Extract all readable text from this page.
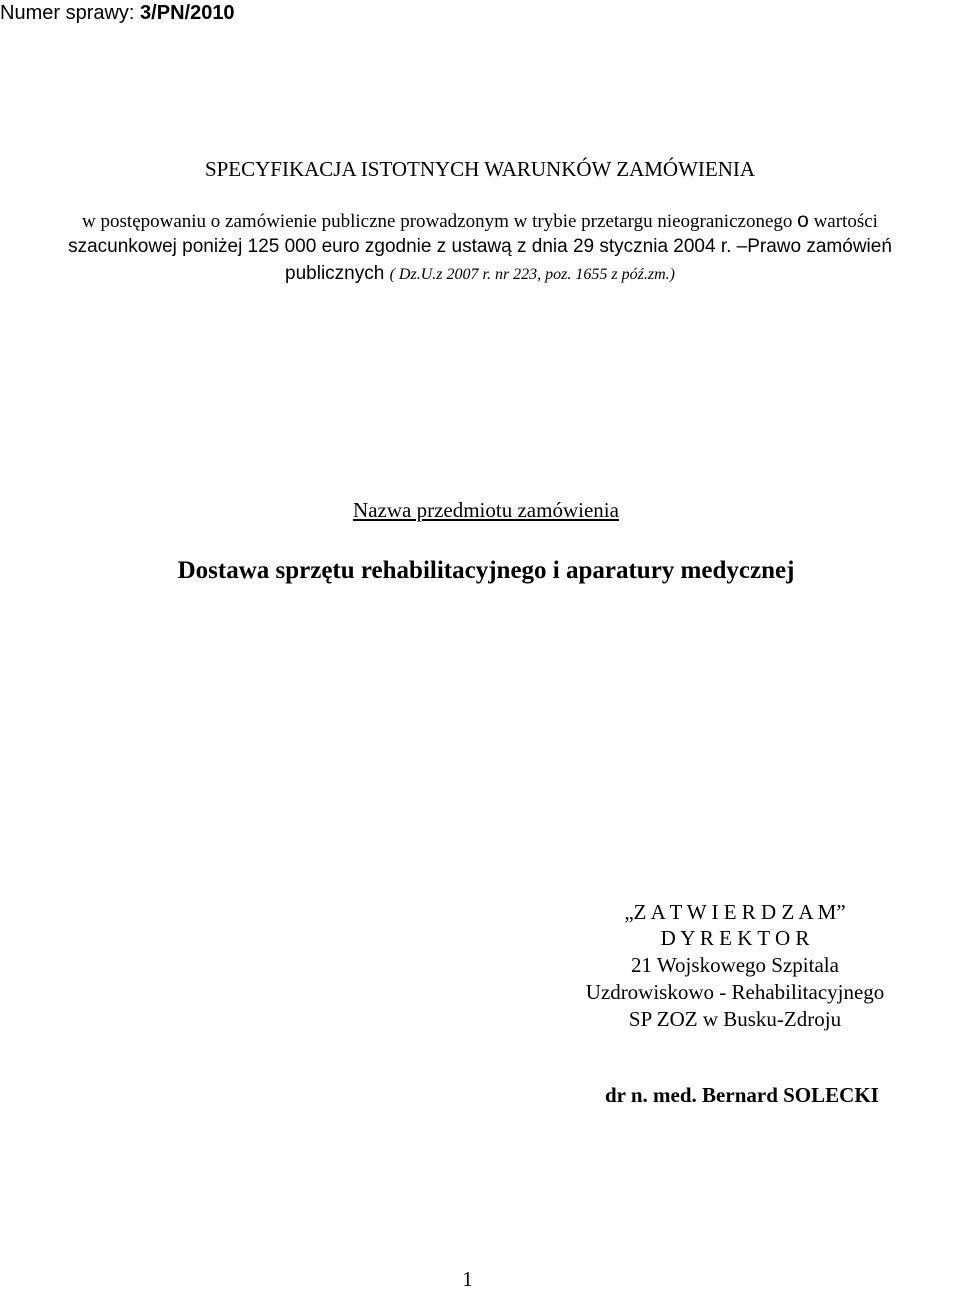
Numer sprawy: 3/PN/2010
SPECYFIKACJA ISTOTNYCH WARUNKÓW ZAMÓWIENIA
w postępowaniu o zamówienie publiczne prowadzonym w trybie przetargu nieograniczonego o wartości
szacunkowej poniżej 125 000 euro zgodnie z ustawą z dnia 29 stycznia 2004 r. –Prawo zamówień
publicznych ( Dz.U.z 2007 r. nr 223, poz. 1655 z póź.zm.)
Nazwa przedmiotu zamówienia
Dostawa sprzętu rehabilitacyjnego i aparatury medycznej
„Z A T W I E R D Z A M”
D Y R E K T O R
21 Wojskowego Szpitala
Uzdrowiskowo - Rehabilitacyjnego
SP ZOZ w Busku-Zdroju
dr n. med. Bernard SOLECKI
1
